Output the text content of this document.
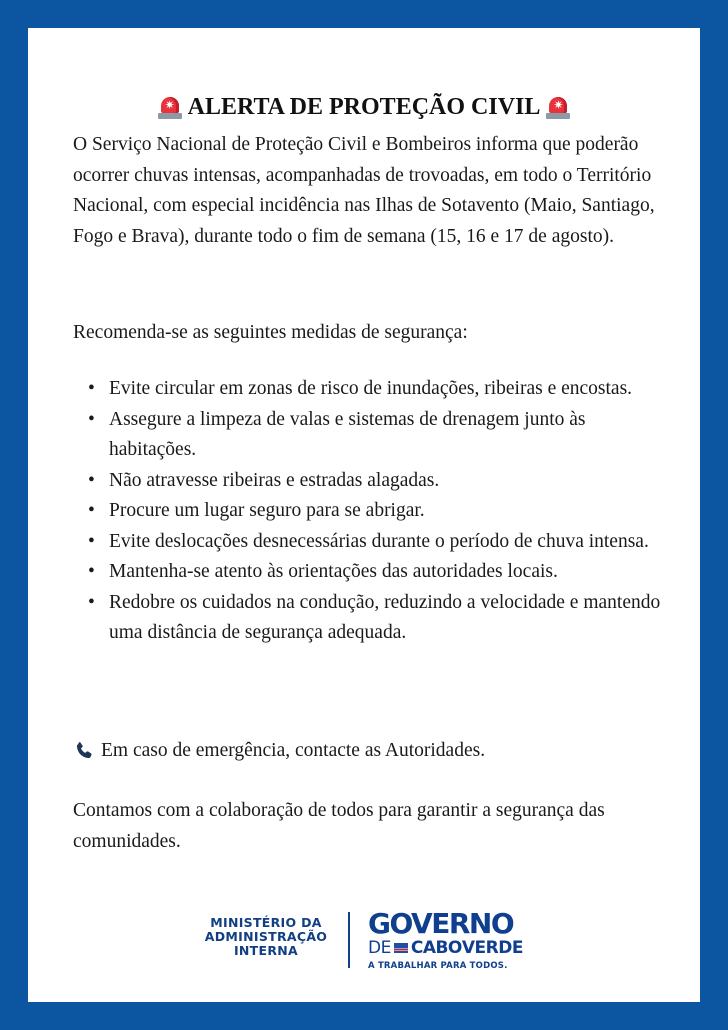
✷ ALERTA DE PROTEÇÃO CIVIL	✷

O Serviço Nacional de Proteção Civil e Bombeiros informa que poderão ocorrer chuvas intensas, acompanhadas de trovoadas, em todo o Território Nacional, com especial incidência nas Ilhas de Sotavento (Maio, Santiago, Fogo e Brava), durante todo o fim de semana (15, 16 e 17 de agosto).

Recomenda-se as seguintes medidas de segurança:

• Evite circular em zonas de risco de inundações, ribeiras e encostas.
• Assegure a limpeza de valas e sistemas de drenagem junto às habitações.
• Não atravesse ribeiras e estradas alagadas.
• Procure um lugar seguro para se abrigar.
• Evite deslocações desnecessárias durante o período de chuva intensa.
• Mantenha-se atento às orientações das autoridades locais.
• Redobre os cuidados na condução, reduzindo a velocidade e mantendo uma distância de segurança adequada.
Em caso de emergência, contacte as Autoridades.

Contamos com a colaboração de todos para garantir a segurança das comunidades.

MINISTÉRIO DA
ADMINISTRAÇÃO
INTERNA
GOVERNO
DE CABO VERDE
A TRABALHAR PARA TODOS.
